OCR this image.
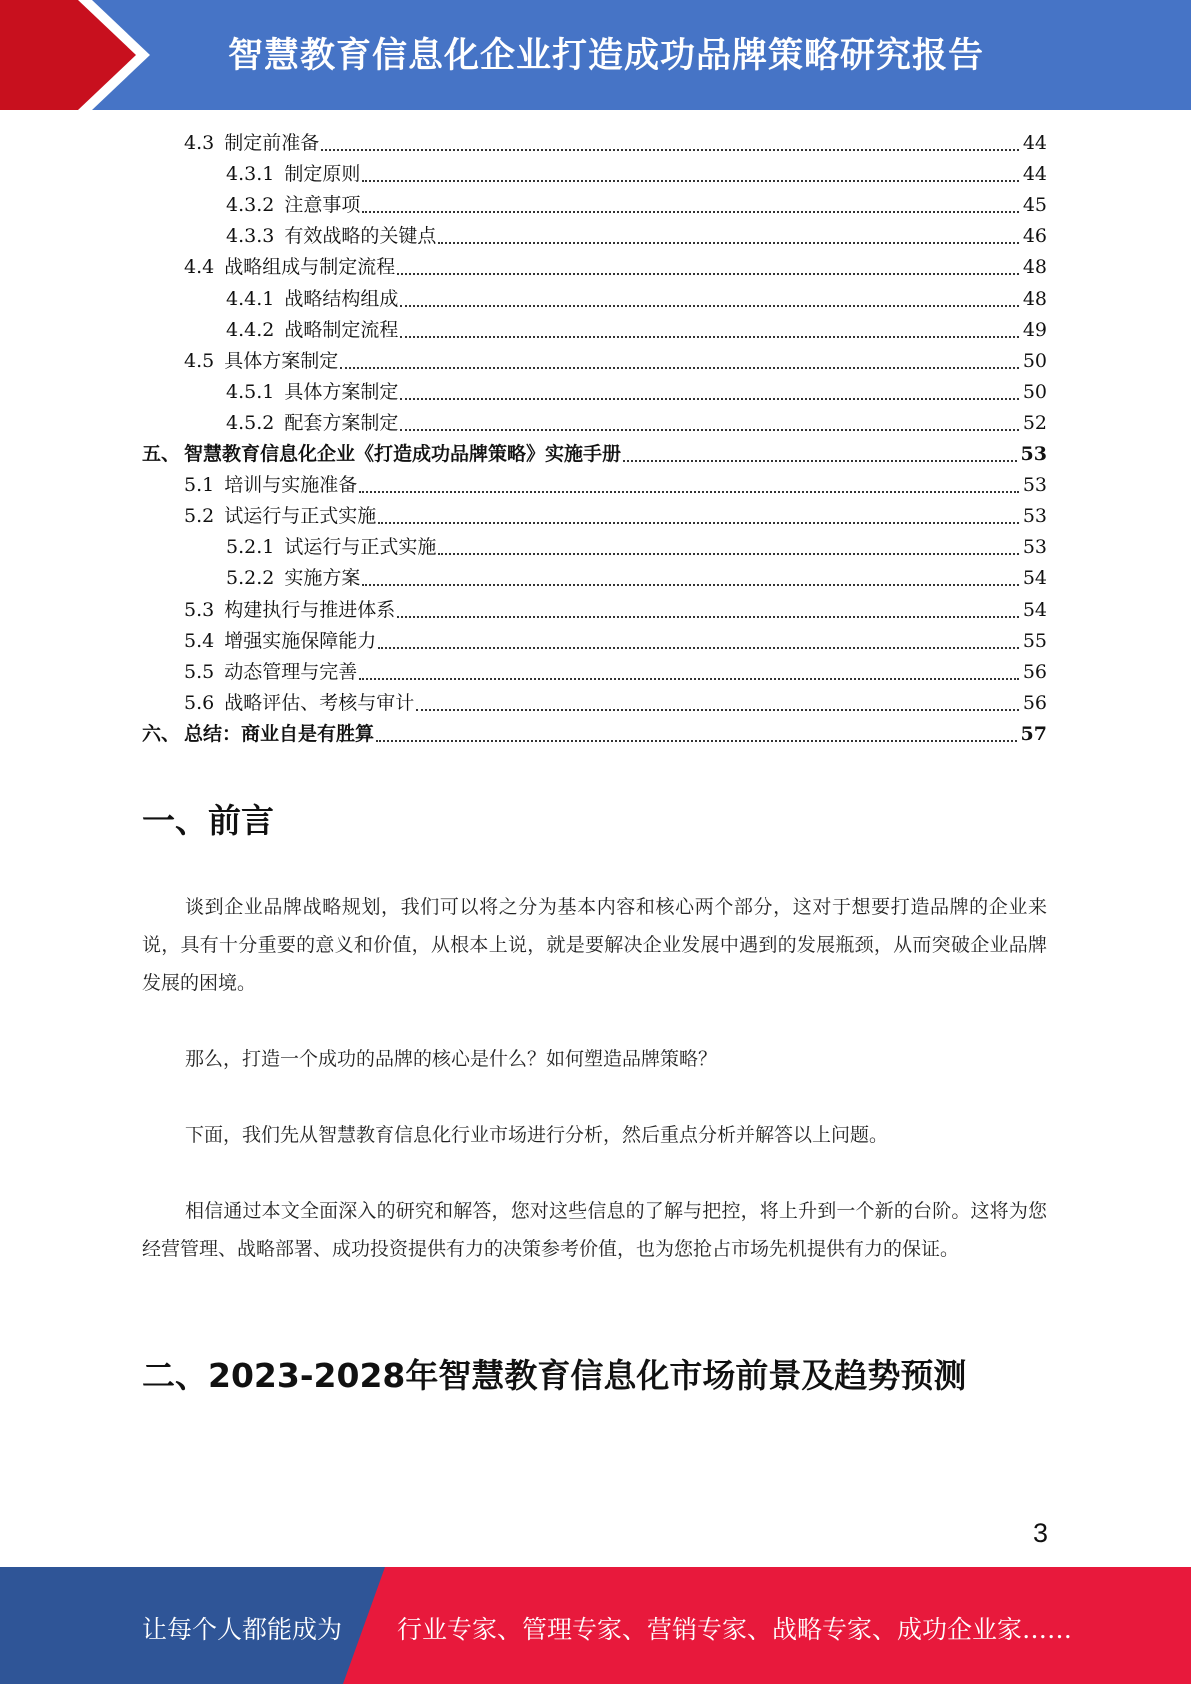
智慧教育信息化企业打造成功品牌策略研究报告
4.3 制定前准备	44
4.3.1 制定原则	44
4.3.2 注意事项	45
4.3.3 有效战略的关键点	46
4.4 战略组成与制定流程	48
4.4.1 战略结构组成	48
4.4.2 战略制定流程	49
4.5 具体方案制定	50
4.5.1 具体方案制定	50
4.5.2 配套方案制定	52
五、 智慧教育信息化企业《打造成功品牌策略》实施手册	53
5.1 培训与实施准备	53
5.2 试运行与正式实施	53
5.2.1 试运行与正式实施	53
5.2.2 实施方案	54
5.3 构建执行与推进体系	54
5.4 增强实施保障能力	55
5.5 动态管理与完善	56
5.6 战略评估、考核与审计	56
六、 总结：商业自是有胜算	57
一、前言

谈到企业品牌战略规划，我们可以将之分为基本内容和核心两个部分，这对于想要打造品牌的企业来说，具有十分重要的意义和价值，从根本上说，就是要解决企业发展中遇到的发展瓶颈，从而突破企业品牌发展的困境。

那么，打造一个成功的品牌的核心是什么？如何塑造品牌策略？

下面，我们先从智慧教育信息化行业市场进行分析，然后重点分析并解答以上问题。

相信通过本文全面深入的研究和解答，您对这些信息的了解与把控，将上升到一个新的台阶。这将为您经营管理、战略部署、成功投资提供有力的决策参考价值，也为您抢占市场先机提供有力的保证。

二、2023-2028年智慧教育信息化市场前景及趋势预测
3
让每个人都能成为 行业专家、管理专家、营销专家、战略专家、成功企业家……
